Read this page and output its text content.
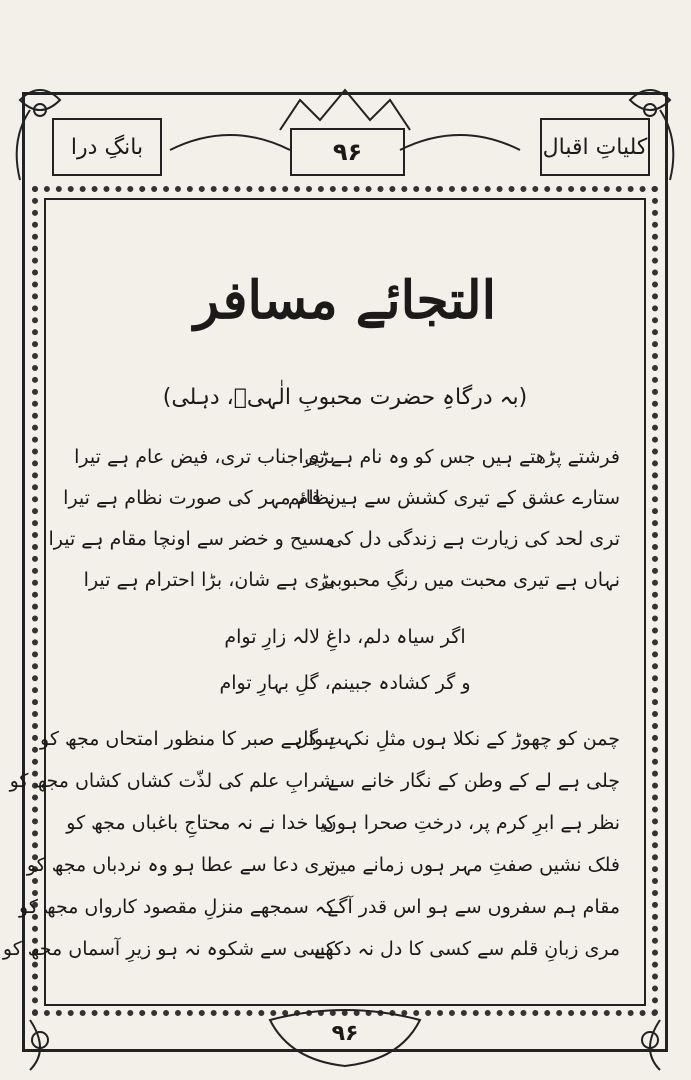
کلیاتِ اقبال
۹۶
بانگِ درا
التجائے مسافر
(بہ درگاہِ حضرت محبوبِ الٰہیؒ، دہلی)
فرشتے پڑھتے ہیں جس کو وہ نام ہے تیرا
بڑی جناب تری، فیض عام ہے تیرا
ستارے عشق کے تیری کشش سے ہیں قائم
نظام مہر کی صورت نظام ہے تیرا
تری لحد کی زیارت ہے زندگی دل کی
مسیح و خضر سے اونچا مقام ہے تیرا
نہاں ہے تیری محبت میں رنگِ محبوبی
بڑی ہے شان، بڑا احترام ہے تیرا
اگر سیاہ دلم، داغِ لالہ زارِ توام
و گر کشادہ جبینم، گلِ بہارِ توام
چمن کو چھوڑ کے نکلا ہوں مثلِ نکہتِ گل
ہوا ہے صبر کا منظور امتحاں مجھ کو
چلی ہے لے کے وطن کے نگار خانے سے
شرابِ علم کی لذّت کشاں کشاں مجھ کو
نظر ہے ابرِ کرم پر، درختِ صحرا ہوں
کیا خدا نے نہ محتاجِ باغباں مجھ کو
فلک نشیں صفتِ مہر ہوں زمانے میں
تری دعا سے عطا ہو وہ نردباں مجھ کو
مقام ہم سفروں سے ہو اس قدر آگے
کہ سمجھے منزلِ مقصود کارواں مجھ کو
مری زبانِ قلم سے کسی کا دل نہ دکھے
کسی سے شکوہ نہ ہو زیرِ آسماں مجھ کو
۹۶
